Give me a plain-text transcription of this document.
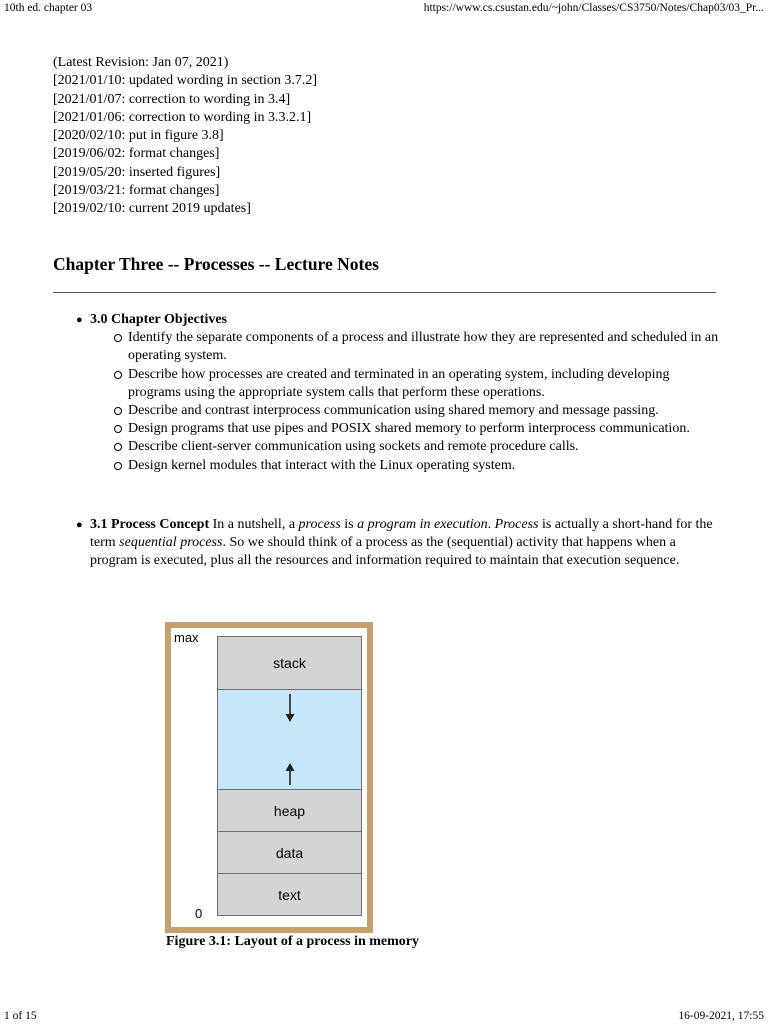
10th ed. chapter 03	https://www.cs.csustan.edu/~john/Classes/CS3750/Notes/Chap03/03_Pr...
(Latest Revision: Jan 07, 2021)
[2021/01/10: updated wording in section 3.7.2]
[2021/01/07: correction to wording in 3.4]
[2021/01/06: correction to wording in 3.3.2.1]
[2020/02/10: put in figure 3.8]
[2019/06/02: format changes]
[2019/05/20: inserted figures]
[2019/03/21: format changes]
[2019/02/10: current 2019 updates]
Chapter Three -- Processes -- Lecture Notes
● 3.0 Chapter Objectives
Identify the separate components of a process and illustrate how they are represented and scheduled in an operating system.
Describe how processes are created and terminated in an operating system, including developing programs using the appropriate system calls that perform these operations.
Describe and contrast interprocess communication using shared memory and message passing.
Design programs that use pipes and POSIX shared memory to perform interprocess communication.
Describe client-server communication using sockets and remote procedure calls.
Design kernel modules that interact with the Linux operating system.
● 3.1 Process Concept In a nutshell, a process is a program in execution. Process is actually a short-hand for the term sequential process. So we should think of a process as the (sequential) activity that happens when a program is executed, plus all the resources and information required to maintain that execution sequence.

max
stack
heap
data
text
0
Figure 3.1: Layout of a process in memory
1 of 15	16-09-2021, 17:55
